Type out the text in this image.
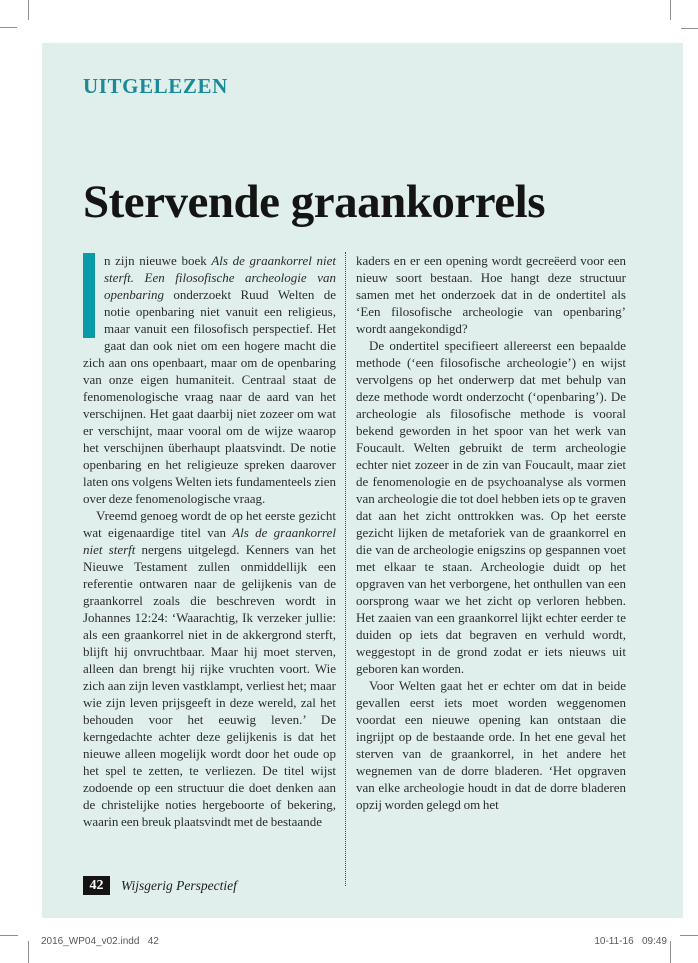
UITGELEZEN
Stervende graankorrels

n zijn nieuwe boek Als de graankorrel niet sterft. Een filosofische archeologie van openbaring onderzoekt Ruud Welten de notie openbaring niet vanuit een religieus, maar vanuit een filosofisch perspectief. Het gaat dan ook niet om een hogere macht die zich aan ons openbaart, maar om de openbaring van onze eigen humaniteit. Centraal staat de fenomenologische vraag naar de aard van het verschijnen. Het gaat daarbij niet zozeer om wat er verschijnt, maar vooral om de wijze waarop het verschijnen überhaupt plaatsvindt. De notie openbaring en het religieuze spreken daarover laten ons volgens Welten iets fundamenteels zien over deze fenomenologische vraag.

Vreemd genoeg wordt de op het eerste gezicht wat eigenaardige titel van Als de graankorrel niet sterft nergens uitgelegd. Kenners van het Nieuwe Testament zullen onmiddellijk een referentie ontwaren naar de gelijkenis van de graankorrel zoals die beschreven wordt in Johannes 12:24: ‘Waarachtig, Ik verzeker jullie: als een graankorrel niet in de akkergrond sterft, blijft hij onvruchtbaar. Maar hij moet sterven, alleen dan brengt hij rijke vruchten voort. Wie zich aan zijn leven vastklampt, verliest het; maar wie zijn leven prijsgeeft in deze wereld, zal het behouden voor het eeuwig leven.’ De kerngedachte achter deze gelijkenis is dat het nieuwe alleen mogelijk wordt door het oude op het spel te zetten, te verliezen. De titel wijst zodoende op een structuur die doet denken aan de christelijke noties hergeboorte of bekering, waarin een breuk plaatsvindt met de bestaande

kaders en er een opening wordt gecreëerd voor een nieuw soort bestaan. Hoe hangt deze structuur samen met het onderzoek dat in de ondertitel als ‘Een filosofische archeologie van openbaring’ wordt aangekondigd?

De ondertitel specifieert allereerst een bepaalde methode (‘een filosofische archeologie’) en wijst vervolgens op het onderwerp dat met behulp van deze methode wordt onderzocht (‘openbaring’). De archeologie als filosofische methode is vooral bekend geworden in het spoor van het werk van Foucault. Welten gebruikt de term archeologie echter niet zozeer in de zin van Foucault, maar ziet de fenomenologie en de psychoanalyse als vormen van archeologie die tot doel hebben iets op te graven dat aan het zicht onttrokken was. Op het eerste gezicht lijken de metaforiek van de graankorrel en die van de archeologie enigszins op gespannen voet met elkaar te staan. Archeologie duidt op het opgraven van het verborgene, het onthullen van een oorsprong waar we het zicht op verloren hebben. Het zaaien van een graankorrel lijkt echter eerder te duiden op iets dat begraven en verhuld wordt, weggestopt in de grond zodat er iets nieuws uit geboren kan worden.

Voor Welten gaat het er echter om dat in beide gevallen eerst iets moet worden weggenomen voordat een nieuwe opening kan ontstaan die ingrijpt op de bestaande orde. In het ene geval het sterven van de graankorrel, in het andere het wegnemen van de dorre bladeren. ‘Het opgraven van elke archeologie houdt in dat de dorre bladeren opzij worden gelegd om het

42	Wijsgerig Perspectief
2016_WP04_v02.indd   42	10-11-16   09:49
